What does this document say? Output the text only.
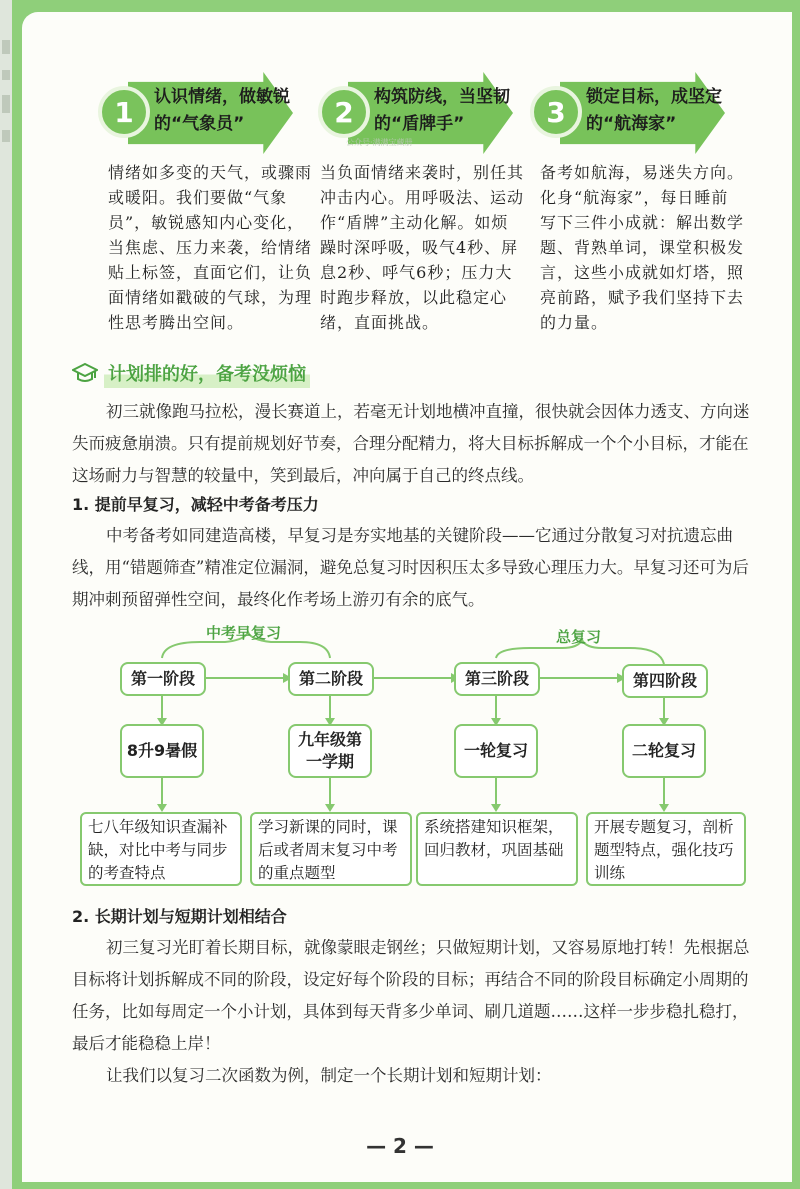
1	认识情绪，做敏锐的“气象员”	2	构筑防线，当坚韧的“盾牌手”	3	锁定目标，成坚定的“航海家”
公众号·满满宝藏册
情绪如多变的天气，或骤雨或暖阳。我们要做“气象员”，敏锐感知内心变化，当焦虑、压力来袭，给情绪贴上标签，直面它们，让负面情绪如戳破的气球，为理性思考腾出空间。
当负面情绪来袭时，别任其冲击内心。用呼吸法、运动作“盾牌”主动化解。如烦躁时深呼吸，吸气4秒、屏息2秒、呼气6秒；压力大时跑步释放，以此稳定心绪，直面挑战。
备考如航海，易迷失方向。化身“航海家”，每日睡前写下三件小成就：解出数学题、背熟单词，课堂积极发言，这些小成就如灯塔，照亮前路，赋予我们坚持下去的力量。
计划排的好，备考没烦恼
初三就像跑马拉松，漫长赛道上，若毫无计划地横冲直撞，很快就会因体力透支、方向迷失而疲惫崩溃。只有提前规划好节奏，合理分配精力，将大目标拆解成一个个小目标，才能在这场耐力与智慧的较量中，笑到最后，冲向属于自己的终点线。
1. 提前早复习，减轻中考备考压力
中考备考如同建造高楼，早复习是夯实地基的关键阶段——它通过分散复习对抗遗忘曲线，用“错题筛查”精准定位漏洞，避免总复习时因积压太多导致心理压力大。早复习还可为后期冲刺预留弹性空间，最终化作考场上游刃有余的底气。
中考早复习	总复习
第一阶段	第二阶段	第三阶段	第四阶段
8升9暑假
九年级第一学期
一轮复习	二轮复习
七八年级知识查漏补缺，对比中考与同步的考查特点
学习新课的同时，课后或者周末复习中考的重点题型
系统搭建知识框架，回归教材，巩固基础
开展专题复习，剖析题型特点，强化技巧训练
2. 长期计划与短期计划相结合
初三复习光盯着长期目标，就像蒙眼走钢丝；只做短期计划，又容易原地打转！先根据总目标将计划拆解成不同的阶段，设定好每个阶段的目标；再结合不同的阶段目标确定小周期的任务，比如每周定一个小计划，具体到每天背多少单词、刷几道题……这样一步步稳扎稳打，最后才能稳稳上岸！
让我们以复习二次函数为例，制定一个长期计划和短期计划：
— 2 —
